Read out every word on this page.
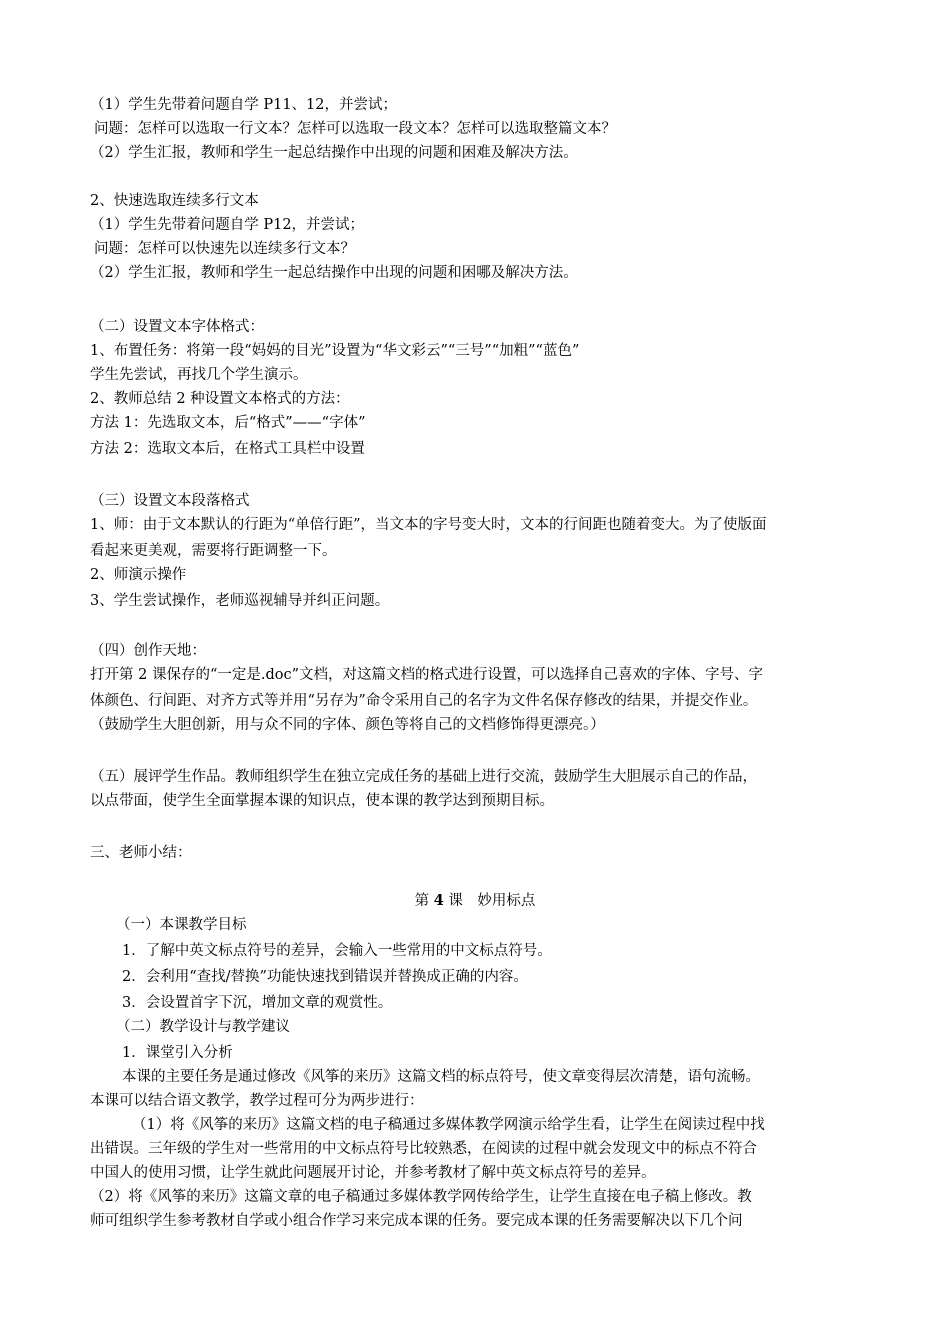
（1）学生先带着问题自学 P11、12，并尝试；
问题：怎样可以选取一行文本？怎样可以选取一段文本？怎样可以选取整篇文本？
（2）学生汇报，教师和学生一起总结操作中出现的问题和困难及解决方法。
2、快速选取连续多行文本
（1）学生先带着问题自学 P12，并尝试；
问题：怎样可以快速先以连续多行文本？
（2）学生汇报，教师和学生一起总结操作中出现的问题和困哪及解决方法。
（二）设置文本字体格式：
1、布置任务：将第一段“妈妈的目光”设置为“华文彩云”“三号”“加粗”“蓝色”
学生先尝试，再找几个学生演示。
2、教师总结 2 种设置文本格式的方法：
方法 1：先选取文本，后“格式”——“字体”
方法 2：选取文本后，在格式工具栏中设置
（三）设置文本段落格式
1、师：由于文本默认的行距为“单倍行距”，当文本的字号变大时，文本的行间距也随着变大。为了使版面
看起来更美观，需要将行距调整一下。
2、师演示操作
3、学生尝试操作，老师巡视辅导并纠正问题。
（四）创作天地：
打开第 2 课保存的“一定是.doc”文档，对这篇文档的格式进行设置，可以选择自己喜欢的字体、字号、字
体颜色、行间距、对齐方式等并用“另存为”命令采用自己的名字为文件名保存修改的结果，并提交作业。
（鼓励学生大胆创新，用与众不同的字体、颜色等将自己的文档修饰得更漂亮。）
（五）展评学生作品。教师组织学生在独立完成任务的基础上进行交流，鼓励学生大胆展示自己的作品，
以点带面，使学生全面掌握本课的知识点，使本课的教学达到预期目标。
三、老师小结：
第 4 课　妙用标点
（一）本课教学目标
1．了解中英文标点符号的差异，会输入一些常用的中文标点符号。
2．会利用“查找/替换”功能快速找到错误并替换成正确的内容。
3．会设置首字下沉，增加文章的观赏性。
（二）教学设计与教学建议
1．课堂引入分析
本课的主要任务是通过修改《风筝的来历》这篇文档的标点符号，使文章变得层次清楚，语句流畅。
本课可以结合语文教学，教学过程可分为两步进行：
（1）将《风筝的来历》这篇文档的电子稿通过多媒体教学网演示给学生看，让学生在阅读过程中找
出错误。三年级的学生对一些常用的中文标点符号比较熟悉，在阅读的过程中就会发现文中的标点不符合
中国人的使用习惯，让学生就此问题展开讨论，并参考教材了解中英文标点符号的差异。
（2）将《风筝的来历》这篇文章的电子稿通过多媒体教学网传给学生，让学生直接在电子稿上修改。教
师可组织学生参考教材自学或小组合作学习来完成本课的任务。要完成本课的任务需要解决以下几个问
